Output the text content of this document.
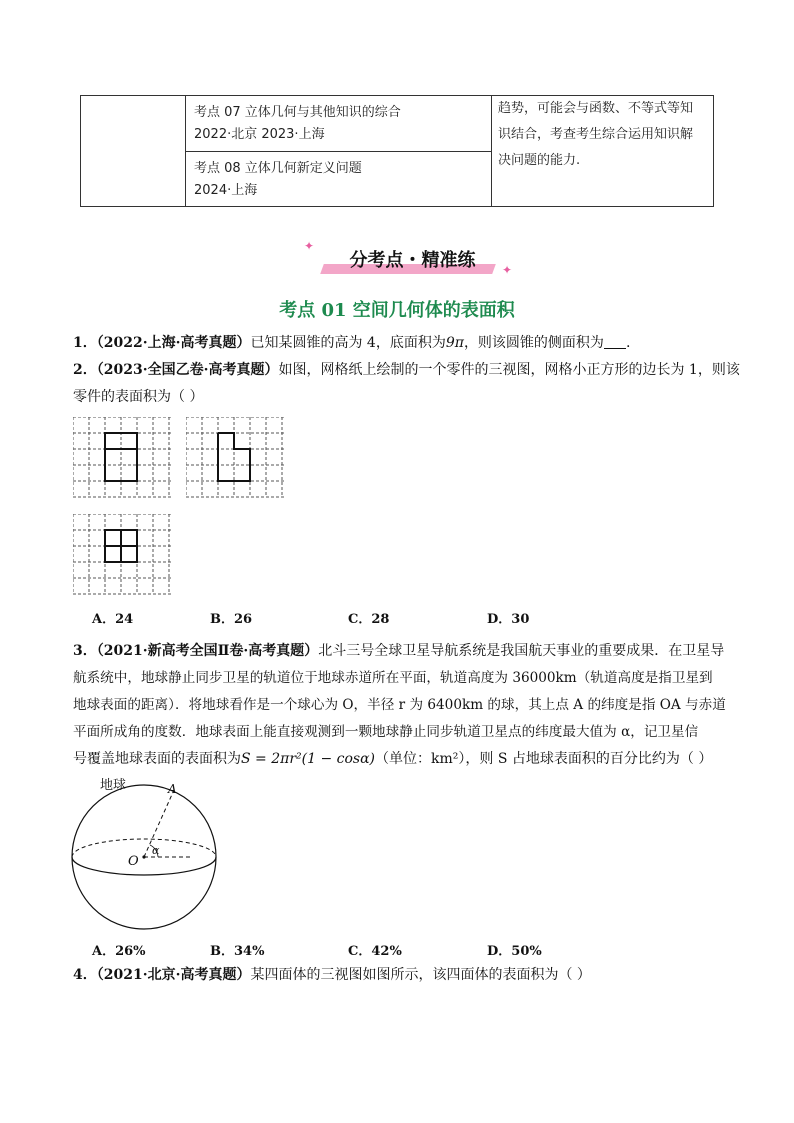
考点 07 立体几何与其他知识的综合
2022·北京 2023·上海

趋势，可能会与函数、不等式等知
识结合，考查考生综合运用知识解
决问题的能力.

考点 08 立体几何新定义问题
2024·上海
分考点・精准练
✦
✦
考点 01 空间几何体的表面积
1．（2022·上海·高考真题）已知某圆锥的高为 4，底面积为9π，则该圆锥的侧面积为 .
2．（2023·全国乙卷·高考真题）如图，网格纸上绘制的一个零件的三视图，网格小正方形的边长为 1，则该
零件的表面积为（ ）
A．24	B．26	C．28	D．30
3．（2021·新高考全国Ⅱ卷·高考真题）北斗三号全球卫星导航系统是我国航天事业的重要成果．在卫星导
航系统中，地球静止同步卫星的轨道位于地球赤道所在平面，轨道高度为 36000km（轨道高度是指卫星到
地球表面的距离）．将地球看作是一个球心为 O，半径 r 为 6400km 的球，其上点 A 的纬度是指 OA 与赤道
平面所成角的度数．地球表面上能直接观测到一颗地球静止同步轨道卫星点的纬度最大值为 α，记卫星信
号覆盖地球表面的表面积为S = 2πr²(1 − cosα)（单位：km²），则 S 占地球表面积的百分比约为（ ）
地球	A
O
α
A．26%	B．34%	C．42%	D．50%
4．（2021·北京·高考真题）某四面体的三视图如图所示，该四面体的表面积为（ ）
